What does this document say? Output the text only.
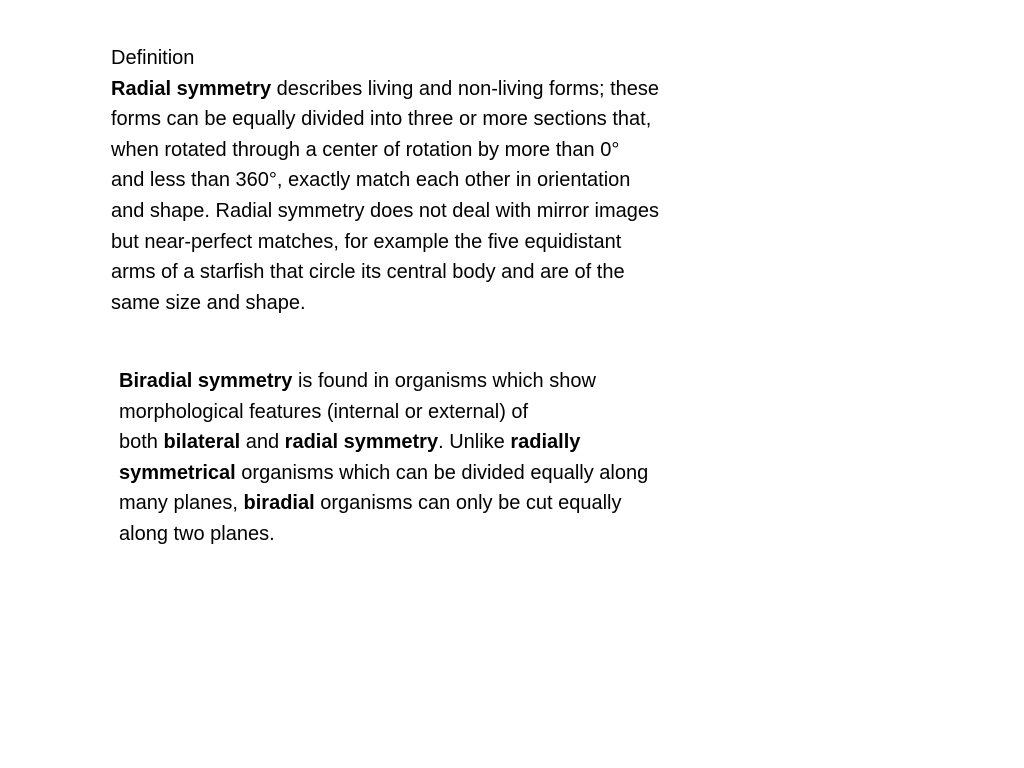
Definition
Radial symmetry describes living and non-living forms; these
forms can be equally divided into three or more sections that,
when rotated through a center of rotation by more than 0°
and less than 360°, exactly match each other in orientation
and shape. Radial symmetry does not deal with mirror images
but near-perfect matches, for example the five equidistant
arms of a starfish that circle its central body and are of the
same size and shape.
Biradial symmetry is found in organisms which show
morphological features (internal or external) of
both bilateral and radial symmetry. Unlike radially
symmetrical organisms which can be divided equally along
many planes, biradial organisms can only be cut equally
along two planes.
